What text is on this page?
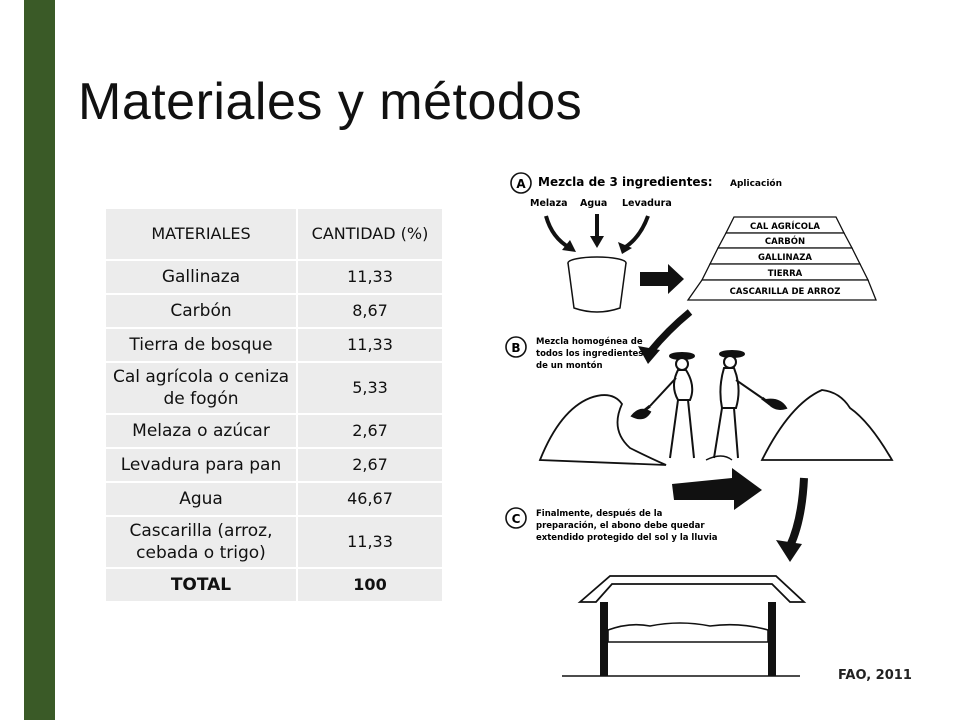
Materiales y métodos
MATERIALES	CANTIDAD (%)
Gallinaza	11,33
Carbón	8,67
Tierra de bosque	11,33
Cal agrícola o ceniza de fogón	5,33
Melaza o azúcar	2,67
Levadura para pan	2,67
Agua	46,67
Cascarilla (arroz, cebada o trigo)	11,33
TOTAL	100
A Mezcla de 3 ingredientes: Aplicación
Melaza Agua Levadura
CAL AGRÍCOLA
CARBÓN
GALLINAZA
TIERRA
CASCARILLA DE ARROZ
B Mezcla homogénea de
todos los ingredientes
de un montón
C Finalmente, después de la
preparación, el abono debe quedar
extendido protegido del sol y la lluvia
FAO, 2011
